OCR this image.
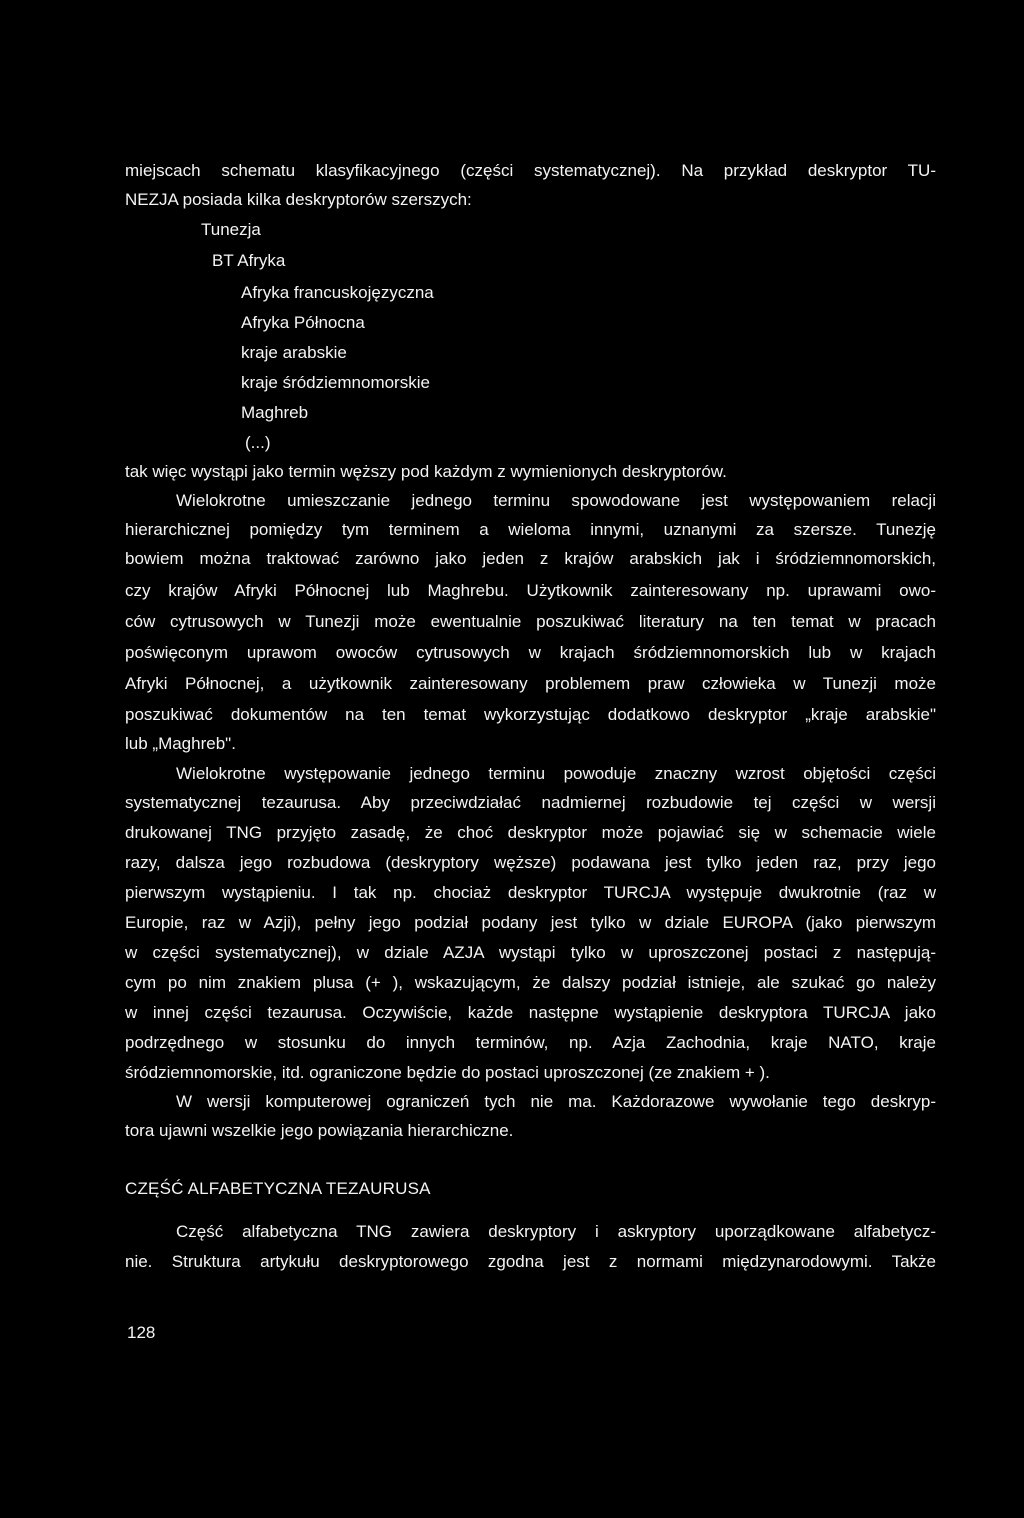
miejscach schematu klasyfikacyjnego (części systematycznej). Na przykład deskryptor TU-
NEZJA posiada kilka deskryptorów szerszych:
Tunezja
BT Afryka
Afryka francuskojęzyczna
Afryka Północna
kraje arabskie
kraje śródziemnomorskie
Maghreb
(...)
tak więc wystąpi jako termin węższy pod każdym z wymienionych deskryptorów.
Wielokrotne umieszczanie jednego terminu spowodowane jest występowaniem relacji
hierarchicznej pomiędzy tym terminem a wieloma innymi, uznanymi za szersze. Tunezję
bowiem można traktować zarówno jako jeden z krajów arabskich jak i śródziemnomorskich,
czy krajów Afryki Północnej lub Maghrebu. Użytkownik zainteresowany np. uprawami owo-
ców cytrusowych w Tunezji może ewentualnie poszukiwać literatury na ten temat w pracach
poświęconym uprawom owoców cytrusowych w krajach śródziemnomorskich lub w krajach
Afryki Północnej, a użytkownik zainteresowany problemem praw człowieka w Tunezji może
poszukiwać dokumentów na ten temat wykorzystując dodatkowo deskryptor „kraje arabskie"
lub „Maghreb".
Wielokrotne występowanie jednego terminu powoduje znaczny wzrost objętości części
systematycznej tezaurusa. Aby przeciwdziałać nadmiernej rozbudowie tej części w wersji
drukowanej TNG przyjęto zasadę, że choć deskryptor może pojawiać się w schemacie wiele
razy, dalsza jego rozbudowa (deskryptory węższe) podawana jest tylko jeden raz, przy jego
pierwszym wystąpieniu. I tak np. chociaż deskryptor TURCJA występuje dwukrotnie (raz w
Europie, raz w Azji), pełny jego podział podany jest tylko w dziale EUROPA (jako pierwszym
w części systematycznej), w dziale AZJA wystąpi tylko w uproszczonej postaci z następują-
cym po nim znakiem plusa (+ ), wskazującym, że dalszy podział istnieje, ale szukać go należy
w innej części tezaurusa. Oczywiście, każde następne wystąpienie deskryptora TURCJA jako
podrzędnego w stosunku do innych terminów, np. Azja Zachodnia, kraje NATO, kraje
śródziemnomorskie, itd. ograniczone będzie do postaci uproszczonej (ze znakiem + ).
W wersji komputerowej ograniczeń tych nie ma. Każdorazowe wywołanie tego deskryp-
tora ujawni wszelkie jego powiązania hierarchiczne.
CZĘŚĆ ALFABETYCZNA TEZAURUSA
Część alfabetyczna TNG zawiera deskryptory i askryptory uporządkowane alfabetycz-
nie. Struktura artykułu deskryptorowego zgodna jest z normami międzynarodowymi. Także
128
